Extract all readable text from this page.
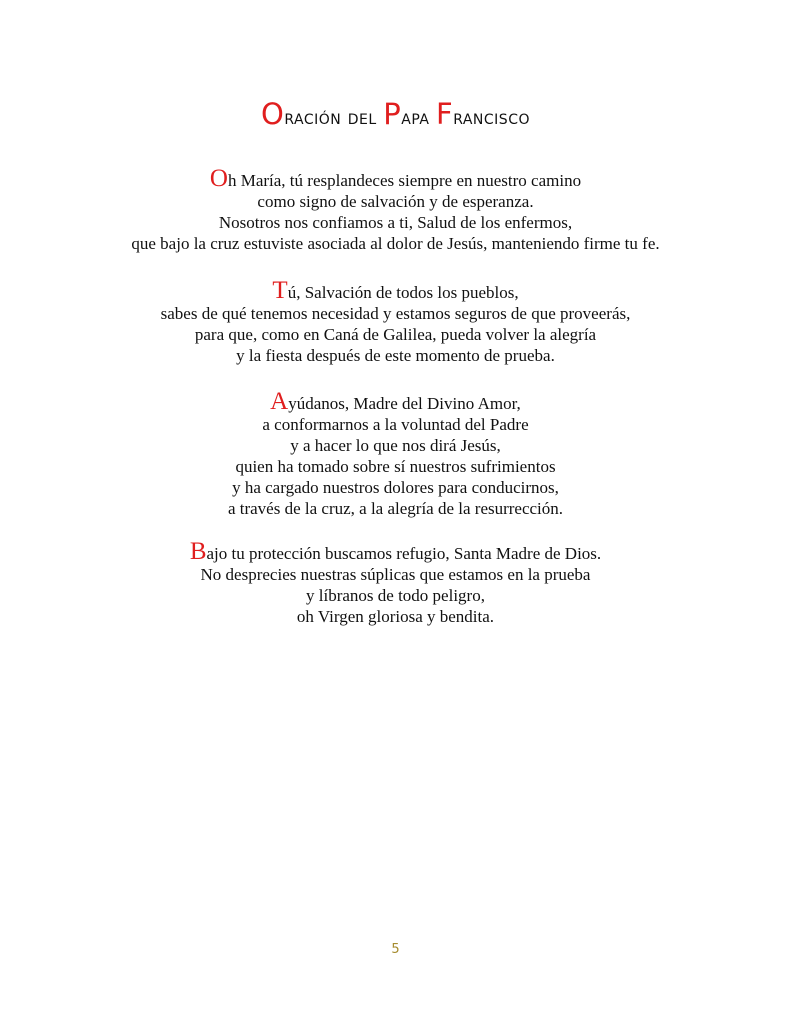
Oración del Papa Francisco
Oh María, tú resplandeces siempre en nuestro camino
como signo de salvación y de esperanza.
Nosotros nos confiamos a ti, Salud de los enfermos,
que bajo la cruz estuviste asociada al dolor de Jesús, manteniendo firme tu fe.
Tú, Salvación de todos los pueblos,
sabes de qué tenemos necesidad y estamos seguros de que proveerás,
para que, como en Caná de Galilea, pueda volver la alegría
y la fiesta después de este momento de prueba.
Ayúdanos, Madre del Divino Amor,
a conformarnos a la voluntad del Padre
y a hacer lo que nos dirá Jesús,
quien ha tomado sobre sí nuestros sufrimientos
y ha cargado nuestros dolores para conducirnos,
a través de la cruz, a la alegría de la resurrección.
Bajo tu protección buscamos refugio, Santa Madre de Dios.
No desprecies nuestras súplicas que estamos en la prueba
y líbranos de todo peligro,
oh Virgen gloriosa y bendita.
5
